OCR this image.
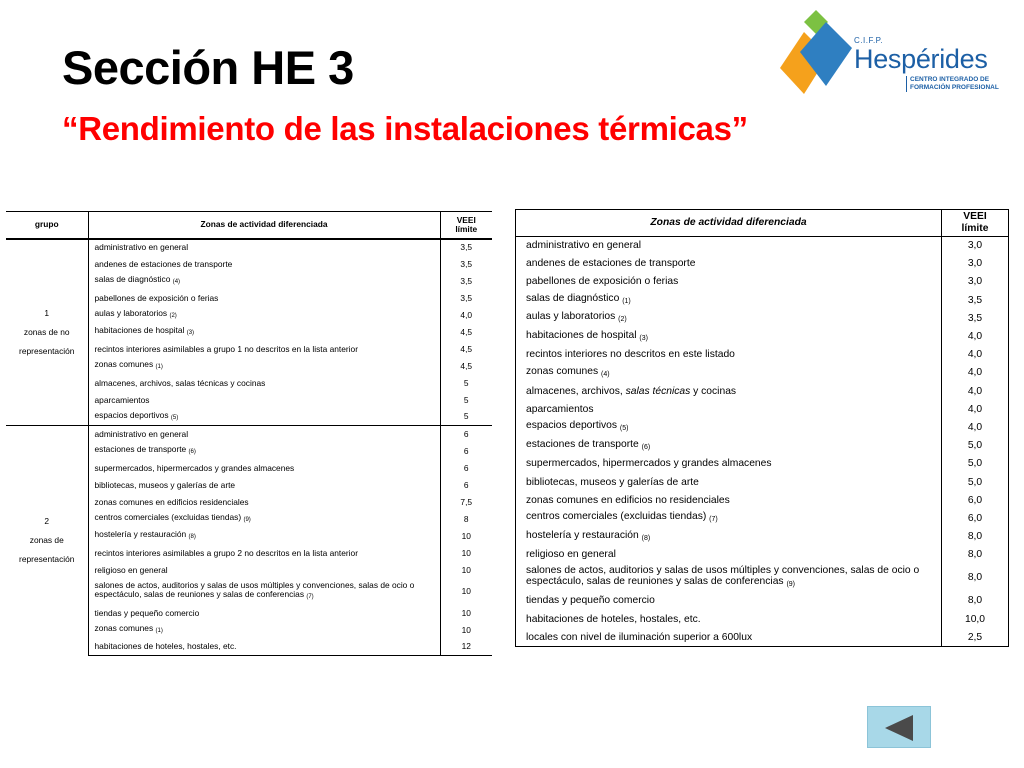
Sección HE 3
“Rendimiento de las instalaciones térmicas”
C.I.F.P.
Hespérides
CENTRO INTEGRADO DE
FORMACIÓN PROFESIONAL
grupo	Zonas de actividad diferenciada	VEEI
límite

1
zonas de no
representación	administrativo en general	3,5
	andenes de estaciones de transporte	3,5
	salas de diagnóstico $_{(4)}$	3,5
	pabellones de exposición o ferias	3,5
	aulas y laboratorios $_{(2)}$	4,0
	habitaciones de hospital $_{(3)}$	4,5
	recintos interiores asimilables a grupo 1 no descritos en la lista anterior	4,5
	zonas comunes $_{(1)}$	4,5
	almacenes, archivos, salas técnicas y cocinas	5
	aparcamientos	5
	espacios deportivos $_{(5)}$	5

2
zonas de
representación	administrativo en general	6
	estaciones de transporte $_{(6)}$	6
	supermercados, hipermercados y grandes almacenes	6
	bibliotecas, museos y galerías de arte	6
	zonas comunes en edificios residenciales	7,5
	centros comerciales (excluidas tiendas) $_{(9)}$	8
	hostelería y restauración $_{(8)}$	10
	recintos interiores asimilables a grupo 2 no descritos en la lista anterior	10
	religioso en general	10
	salones de actos, auditorios y salas de usos múltiples y convenciones, salas de ocio o espectáculo, salas de reuniones y salas de conferencias $_{(7)}$	10
	tiendas y pequeño comercio	10
	zonas comunes $_{(1)}$	10
	habitaciones de hoteles, hostales, etc.	12
Zonas de actividad diferenciada	VEEI
límite
administrativo en general	3,0
andenes de estaciones de transporte	3,0
pabellones de exposición o ferias	3,0
salas de diagnóstico $_{(1)}$	3,5
aulas y laboratorios $_{(2)}$	3,5
habitaciones de hospital $_{(3)}$	4,0
recintos interiores no descritos en este listado	4,0
zonas comunes $_{(4)}$	4,0
almacenes, archivos, salas técnicas y cocinas	4,0
aparcamientos	4,0
espacios deportivos $_{(5)}$	4,0
estaciones de transporte $_{(6)}$	5,0
supermercados, hipermercados y grandes almacenes	5,0
bibliotecas, museos y galerías de arte	5,0
zonas comunes en edificios no residenciales	6,0
centros comerciales (excluidas tiendas) $_{(7)}$	6,0
hostelería y restauración $_{(8)}$	8,0
religioso en general	8,0
salones de actos, auditorios y salas de usos múltiples y convenciones, salas de ocio o espectáculo, salas de reuniones y salas de conferencias $_{(9)}$	8,0
tiendas y pequeño comercio	8,0
habitaciones de hoteles, hostales, etc.	10,0
locales con nivel de iluminación superior a 600lux	2,5
